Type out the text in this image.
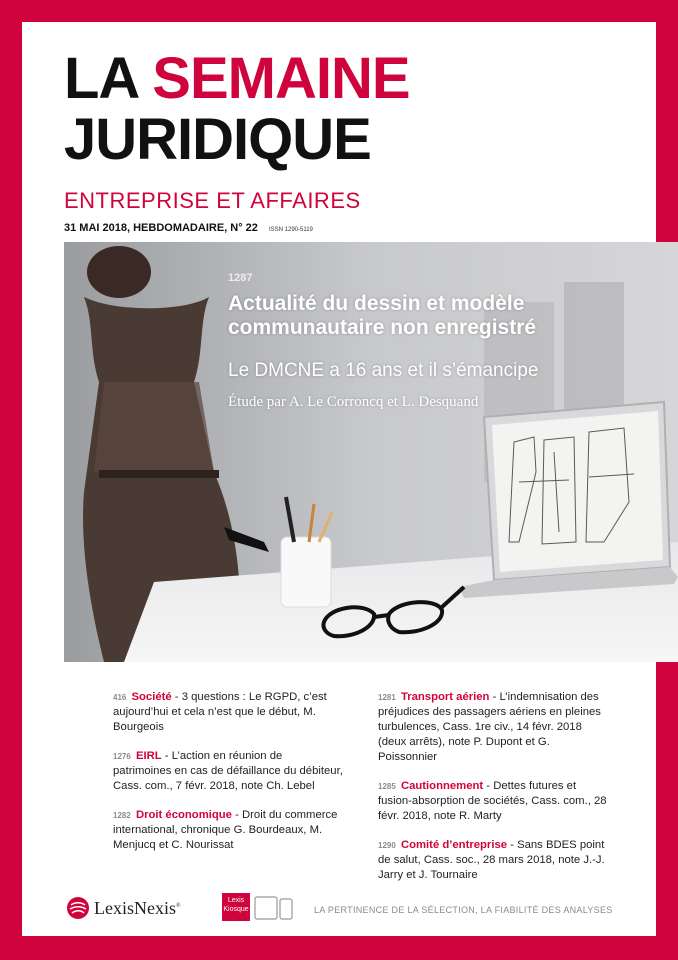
LA SEMAINE
JURIDIQUE
ENTREPRISE ET AFFAIRES
31 MAI 2018, HEBDOMADAIRE, N° 22 ISSN 1290-5119
1287
Actualité du dessin et modèle
communautaire non enregistré
Le DMCNE a 16 ans et il s’émancipe
Étude par A. Le Corroncq et L. Desquand
416 Société - 3 questions : Le RGPD, c’est aujourd’hui et cela n’est que le début, M. Bourgeois
1276 EIRL - L’action en réunion de patrimoines en cas de défaillance du débiteur, Cass. com., 7 févr. 2018, note Ch. Lebel
1282 Droit économique - Droit du commerce international, chronique G. Bourdeaux, M. Menjucq et C. Nourissat
1281 Transport aérien - L’indemnisation des préjudices des passagers aériens en pleines turbulences, Cass. 1re civ., 14 févr. 2018 (deux arrêts), note P. Dupont et G. Poissonnier
1285 Cautionnement - Dettes futures et fusion-absorption de sociétés, Cass. com., 28 févr. 2018, note R. Marty
1290 Comité d’entreprise - Sans BDES point de salut, Cass. soc., 28 mars 2018, note J.-J. Jarry et J. Tournaire
LexisNexis®
Lexis
Kiosque	LA PERTINENCE DE LA SÉLECTION, LA FIABILITÉ DES ANALYSES
